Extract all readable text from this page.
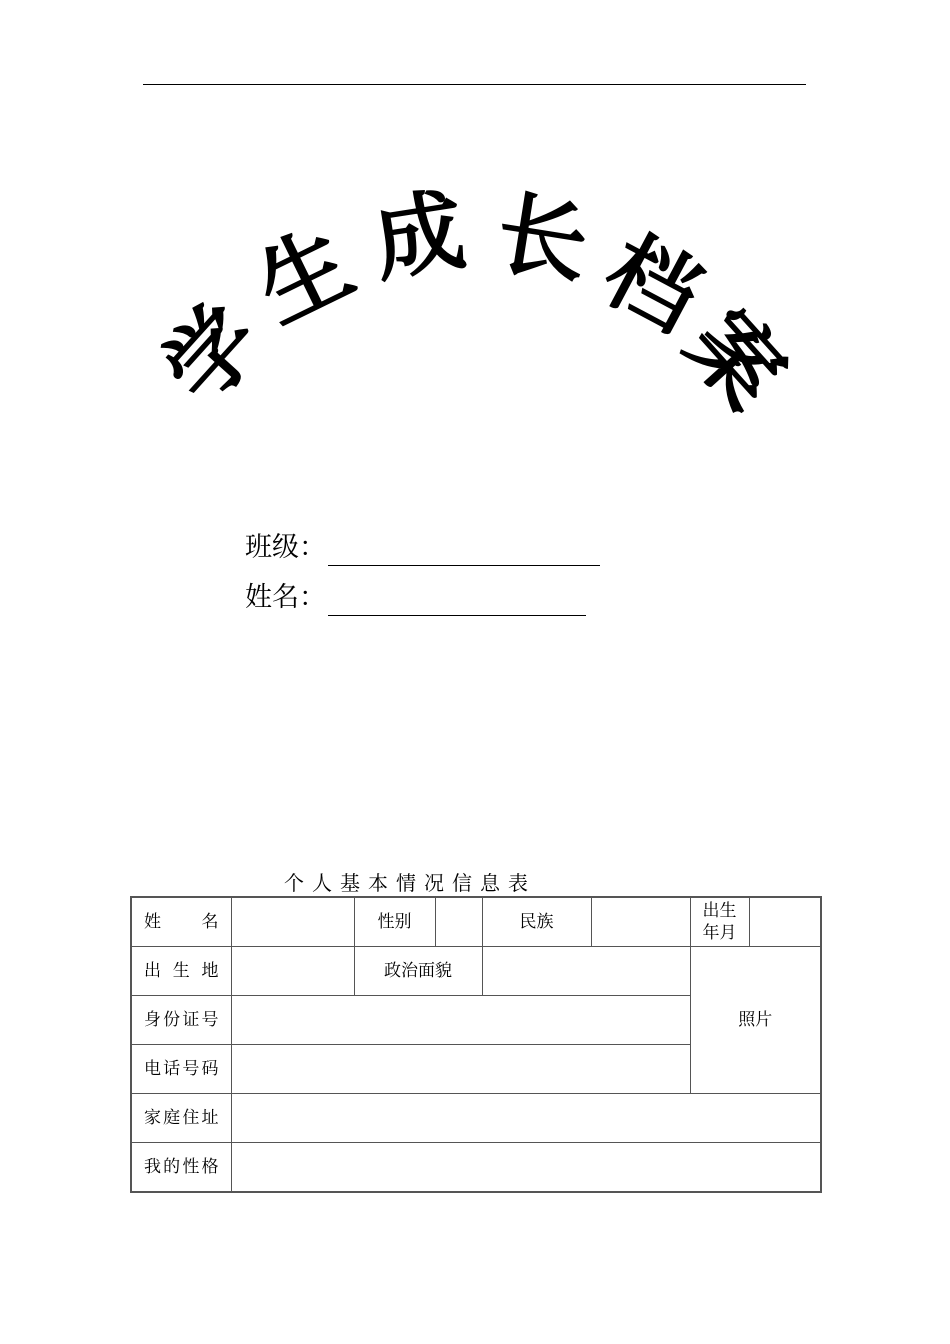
学
生
成 长
档
案
班级：
姓名：
个人基本情况信息表
姓　　名		性别		民族		出生年月	
出 生 地		政治面貌				照片	
身份证号							
电话号码							
家庭住址							
我的性格							
